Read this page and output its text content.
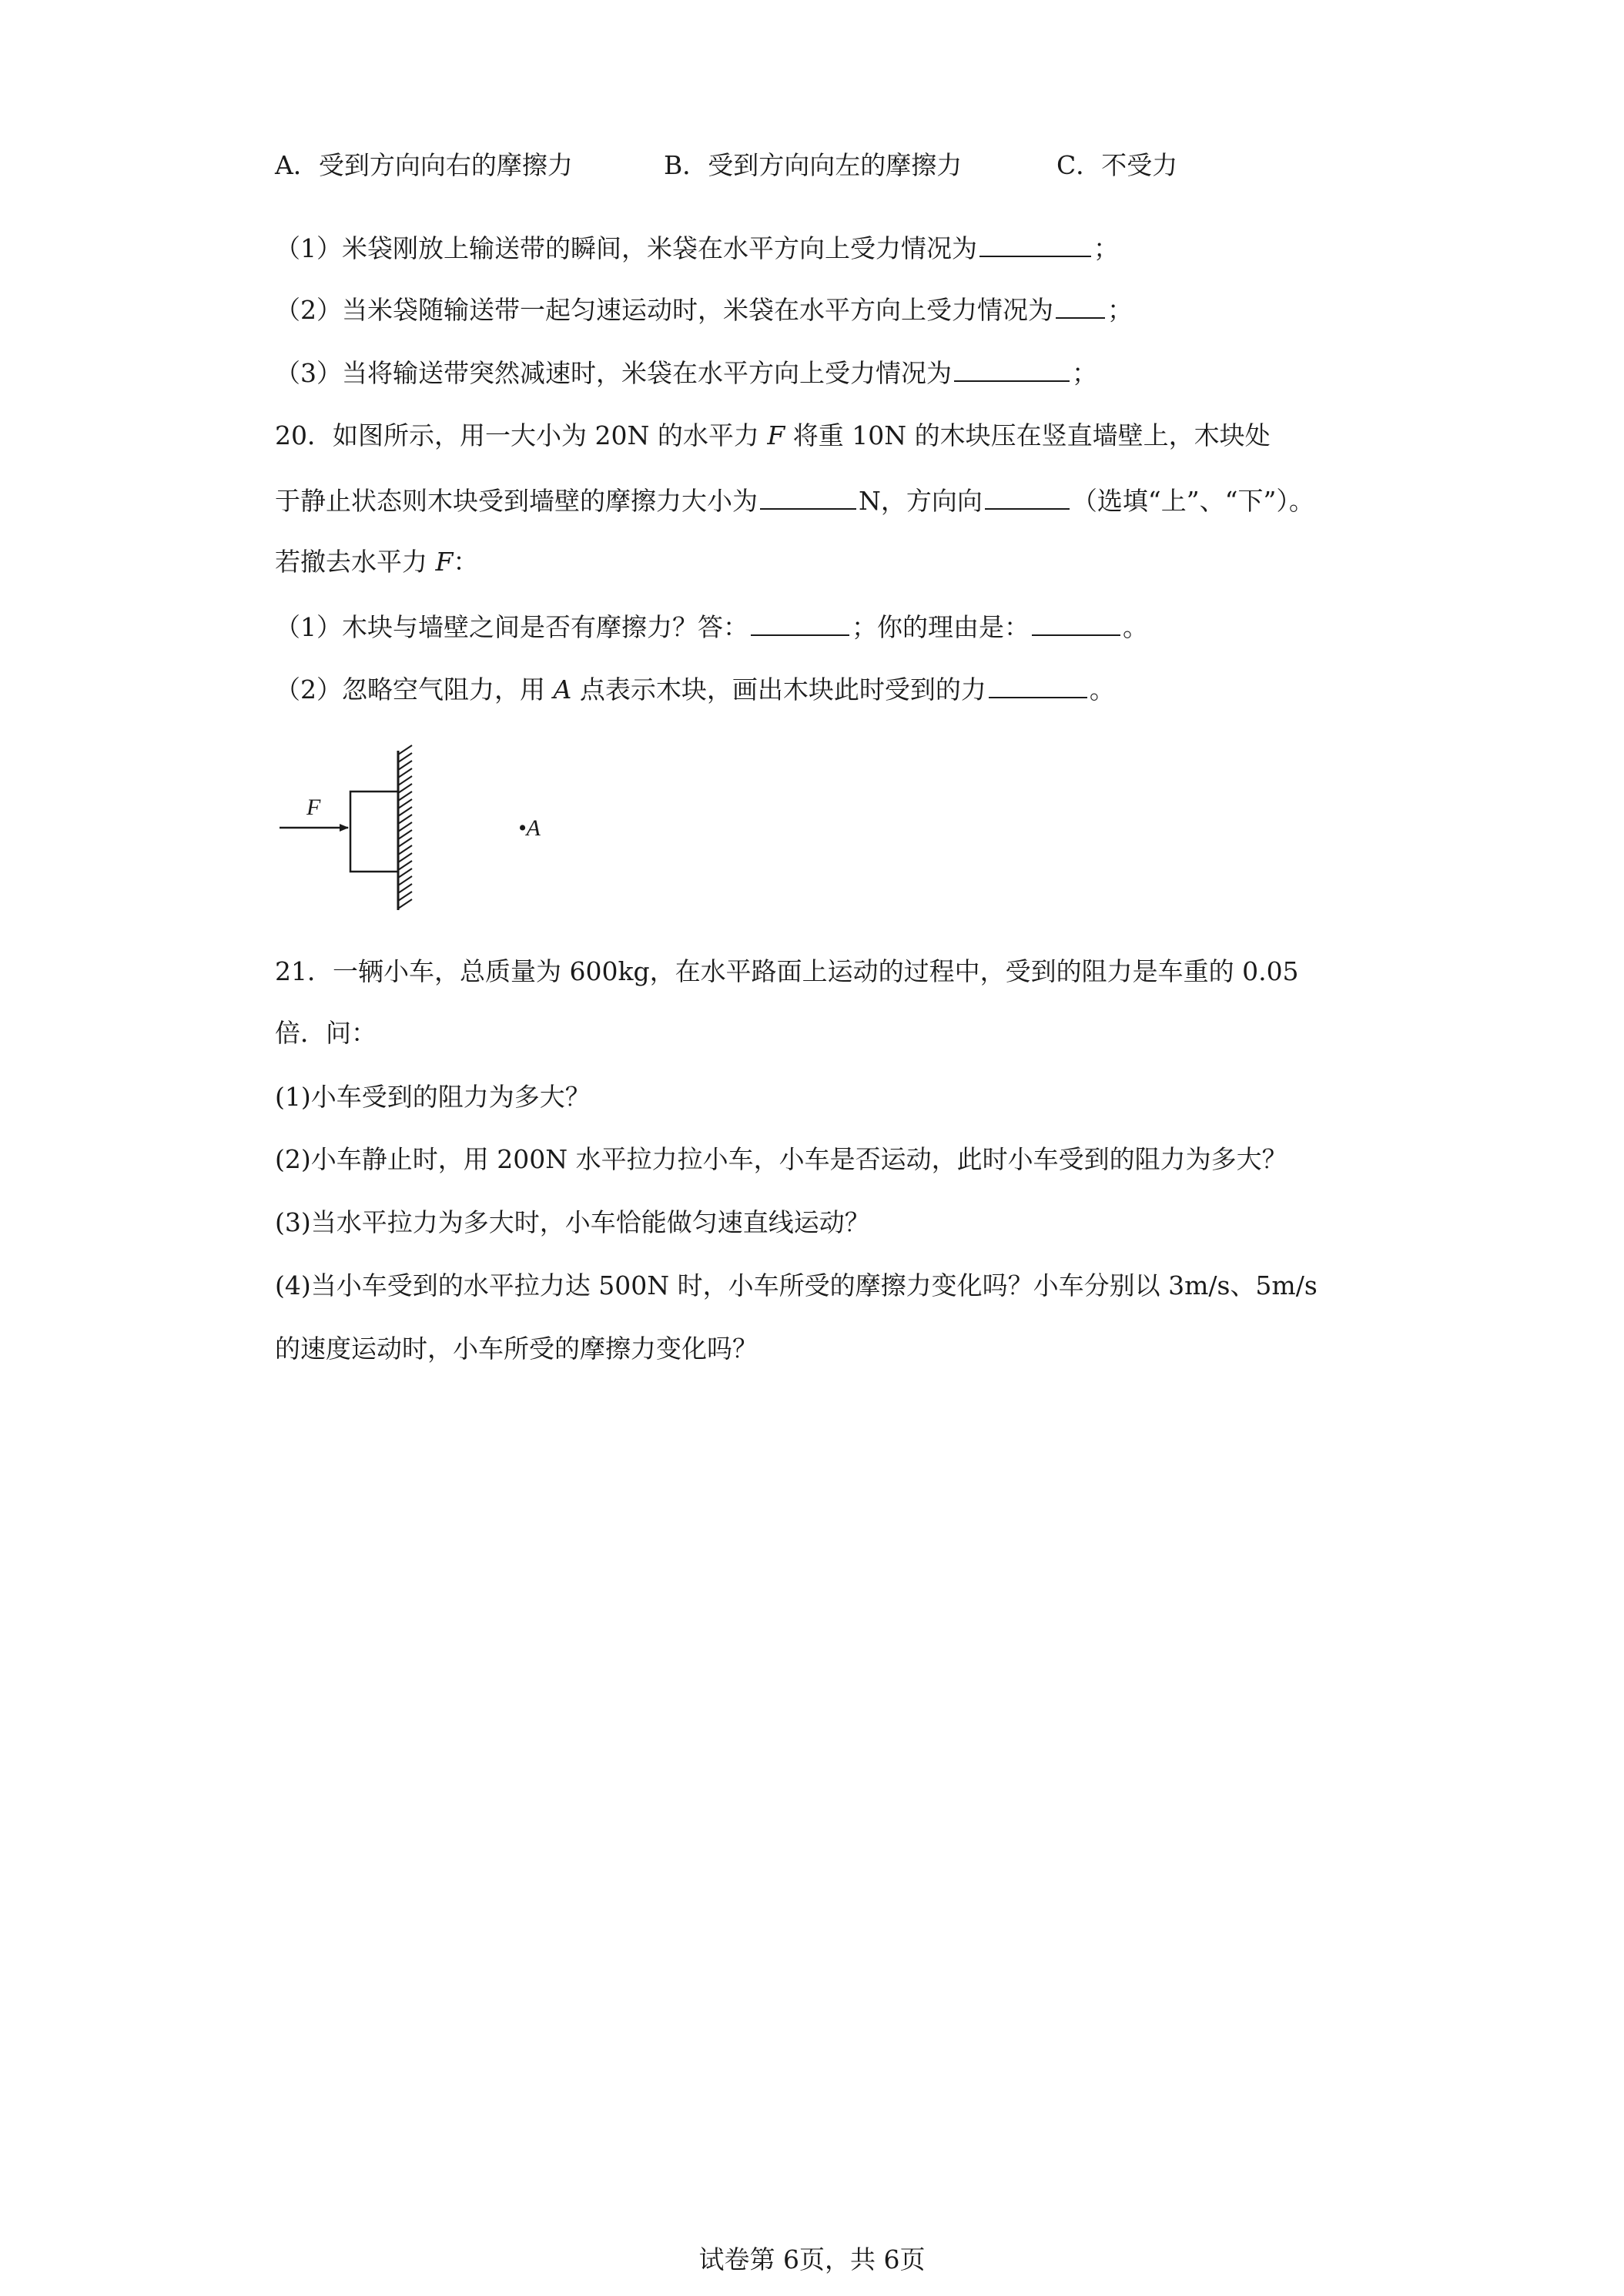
A．受到方向向右的摩擦力	B．受到方向向左的摩擦力	C．不受力
（1）米袋刚放上输送带的瞬间，米袋在水平方向上受力情况为	；
（2）当米袋随输送带一起匀速运动时，米袋在水平方向上受力情况为 ；
（3）当将输送带突然减速时，米袋在水平方向上受力情况为	；
20．如图所示，用一大小为 20N 的水平力 F 将重 10N 的木块压在竖直墙壁上，木块处
于静止状态则木块受到墙壁的摩擦力大小为	N，方向向	（选填“上”、“下”）。
若撤去水平力 F：
（1）木块与墙壁之间是否有摩擦力？答：	；你的理由是：	。
（2）忽略空气阻力，用 A 点表示木块，画出木块此时受到的力	。
F
•A
21．一辆小车，总质量为 600kg，在水平路面上运动的过程中，受到的阻力是车重的 0.05
倍．问：
(1)小车受到的阻力为多大？
(2)小车静止时，用 200N 水平拉力拉小车，小车是否运动，此时小车受到的阻力为多大？
(3)当水平拉力为多大时，小车恰能做匀速直线运动？
(4)当小车受到的水平拉力达 500N 时，小车所受的摩擦力变化吗？小车分别以 3m/s、5m/s
的速度运动时，小车所受的摩擦力变化吗？
试卷第 6页，共 6页
